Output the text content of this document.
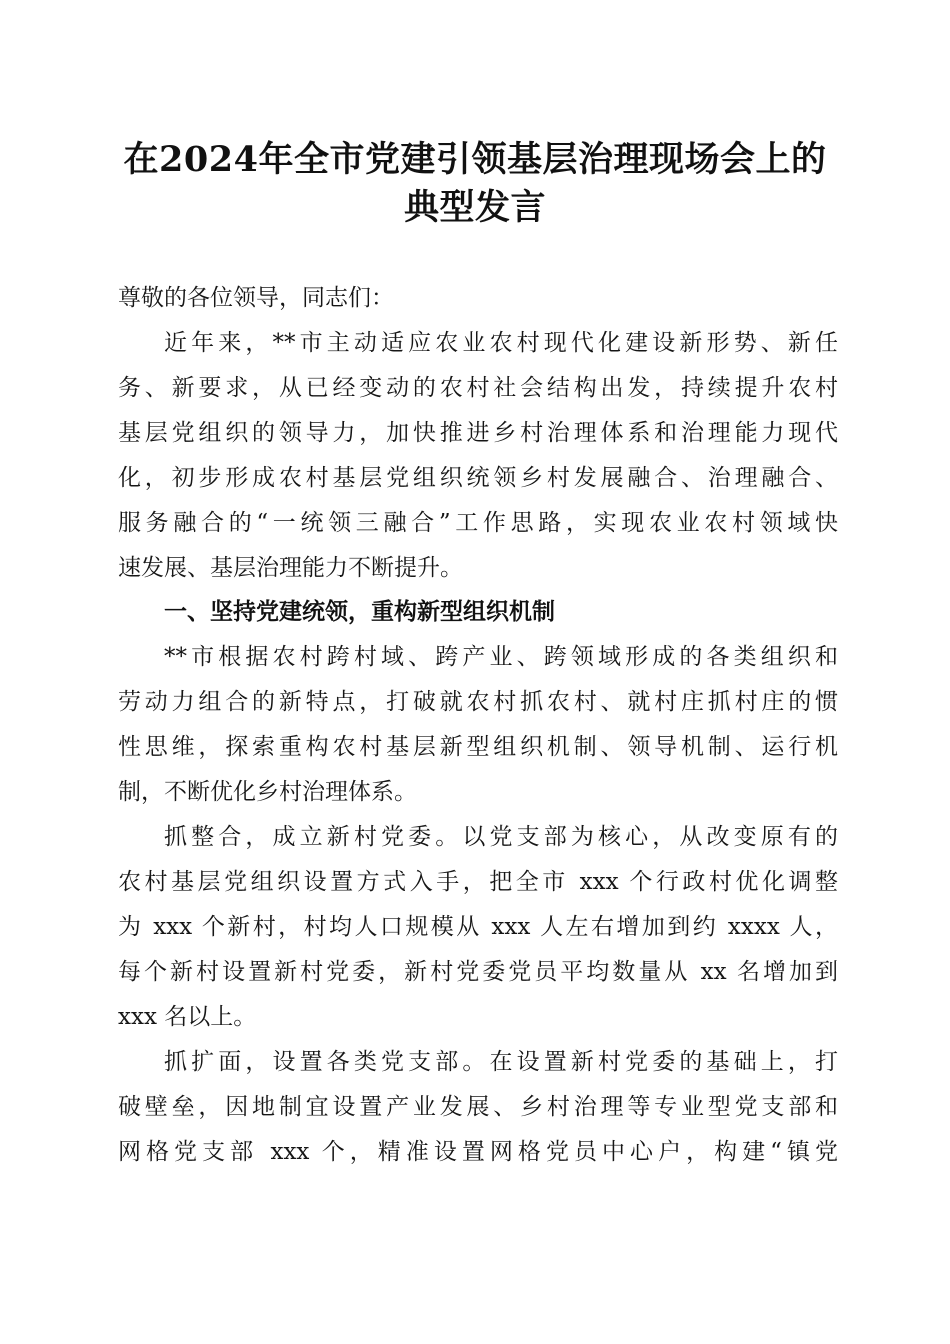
在2024年全市党建引领基层治理现场会上的
典型发言
尊敬的各位领导，同志们：
近年来，**市主动适应农业农村现代化建设新形势、新任
务、新要求，从已经变动的农村社会结构出发，持续提升农村
基层党组织的领导力，加快推进乡村治理体系和治理能力现代
化，初步形成农村基层党组织统领乡村发展融合、治理融合、
服务融合的“一统领三融合”工作思路，实现农业农村领域快
速发展、基层治理能力不断提升。
一、坚持党建统领，重构新型组织机制
**市根据农村跨村域、跨产业、跨领域形成的各类组织和
劳动力组合的新特点，打破就农村抓农村、就村庄抓村庄的惯
性思维，探索重构农村基层新型组织机制、领导机制、运行机
制，不断优化乡村治理体系。
抓整合，成立新村党委。以党支部为核心，从改变原有的
农村基层党组织设置方式入手，把全市 xxx 个行政村优化调整
为 xxx 个新村，村均人口规模从 xxx 人左右增加到约 xxxx 人，
每个新村设置新村党委，新村党委党员平均数量从 xx 名增加到
xxx 名以上。
抓扩面，设置各类党支部。在设置新村党委的基础上，打
破壁垒，因地制宜设置产业发展、乡村治理等专业型党支部和
网格党支部 xxx 个，精准设置网格党员中心户，构建“镇党
